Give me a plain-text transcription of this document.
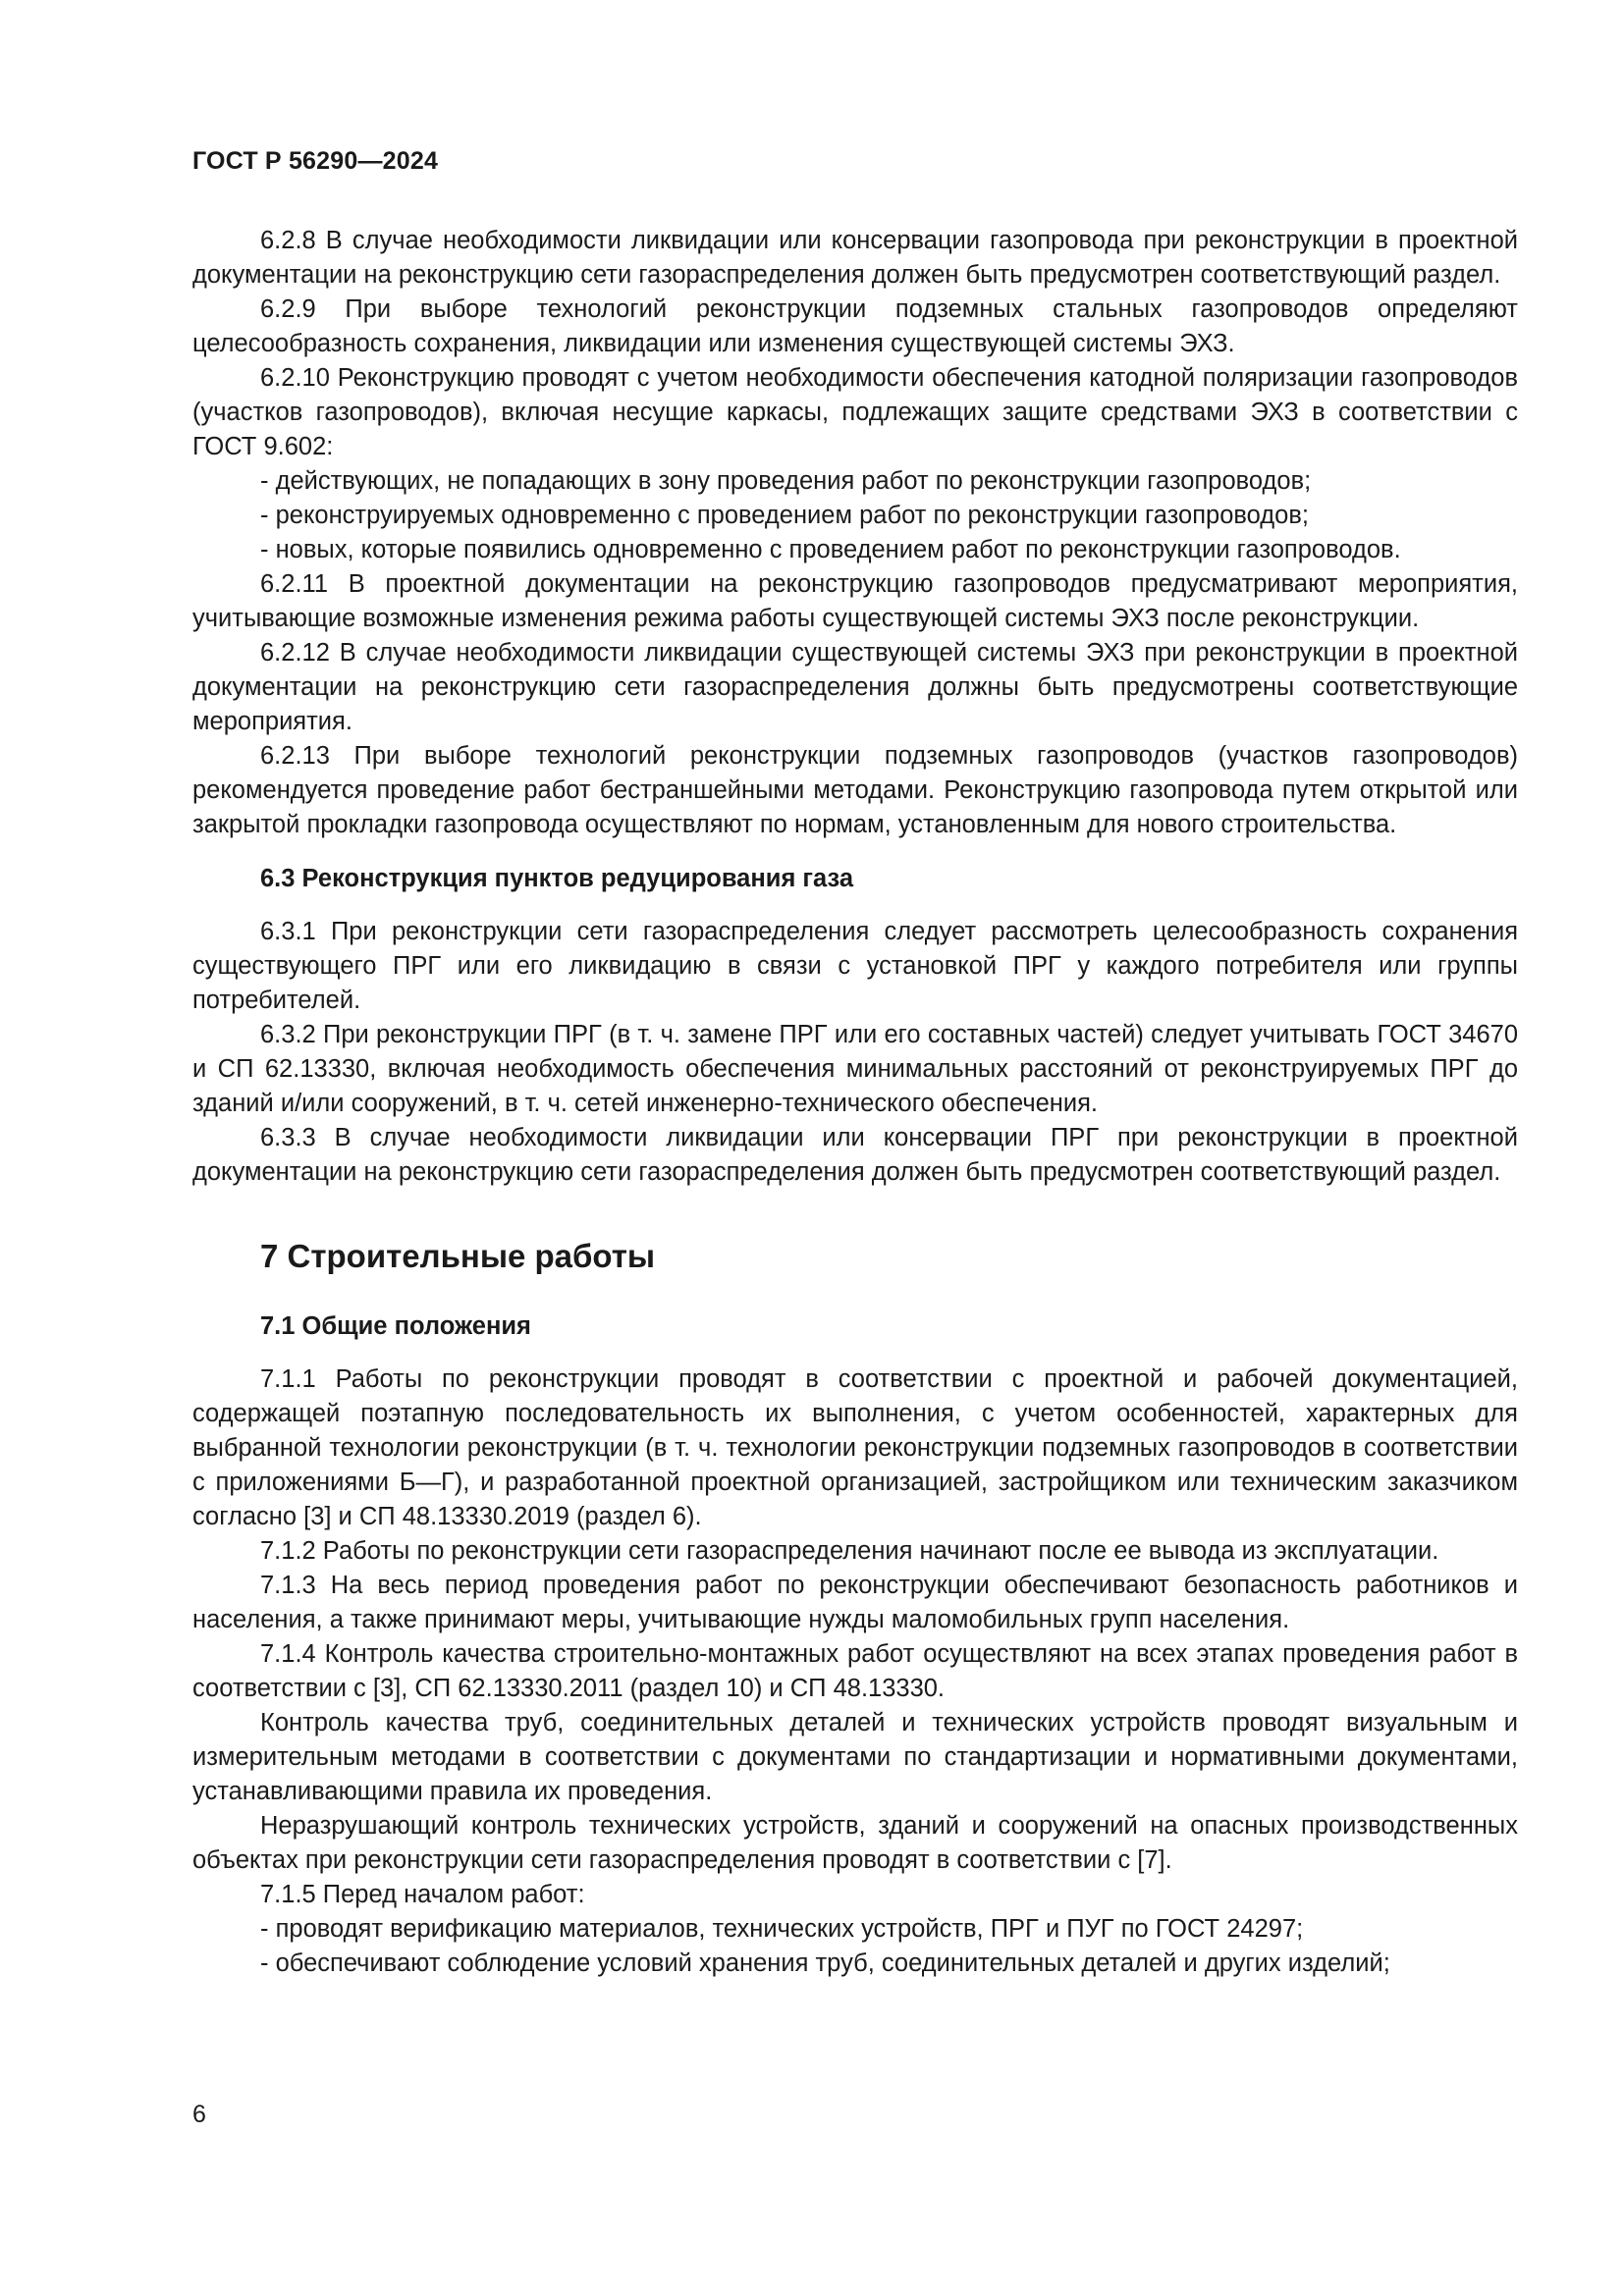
ГОСТ Р 56290—2024

6.2.8 В случае необходимости ликвидации или консервации газопровода при реконструкции в проектной документации на реконструкцию сети газораспределения должен быть предусмотрен соответствующий раздел.

6.2.9 При выборе технологий реконструкции подземных стальных газопроводов определяют целесообразность сохранения, ликвидации или изменения существующей системы ЭХЗ.

6.2.10 Реконструкцию проводят с учетом необходимости обеспечения катодной поляризации газопроводов (участков газопроводов), включая несущие каркасы, подлежащих защите средствами ЭХЗ в соответствии с ГОСТ 9.602:

- действующих, не попадающих в зону проведения работ по реконструкции газопроводов;

- реконструируемых одновременно с проведением работ по реконструкции газопроводов;

- новых, которые появились одновременно с проведением работ по реконструкции газопроводов.

6.2.11 В проектной документации на реконструкцию газопроводов предусматривают мероприятия, учитывающие возможные изменения режима работы существующей системы ЭХЗ после реконструкции.

6.2.12 В случае необходимости ликвидации существующей системы ЭХЗ при реконструкции в проектной документации на реконструкцию сети газораспределения должны быть предусмотрены соответствующие мероприятия.

6.2.13 При выборе технологий реконструкции подземных газопроводов (участков газопроводов) рекомендуется проведение работ бестраншейными методами. Реконструкцию газопровода путем открытой или закрытой прокладки газопровода осуществляют по нормам, установленным для нового строительства.

6.3 Реконструкция пунктов редуцирования газа

6.3.1 При реконструкции сети газораспределения следует рассмотреть целесообразность сохранения существующего ПРГ или его ликвидацию в связи с установкой ПРГ у каждого потребителя или группы потребителей.

6.3.2 При реконструкции ПРГ (в т. ч. замене ПРГ или его составных частей) следует учитывать ГОСТ 34670 и СП 62.13330, включая необходимость обеспечения минимальных расстояний от реконструируемых ПРГ до зданий и/или сооружений, в т. ч. сетей инженерно-технического обеспечения.

6.3.3 В случае необходимости ликвидации или консервации ПРГ при реконструкции в проектной документации на реконструкцию сети газораспределения должен быть предусмотрен соответствующий раздел.

7 Строительные работы

7.1 Общие положения

7.1.1 Работы по реконструкции проводят в соответствии с проектной и рабочей документацией, содержащей поэтапную последовательность их выполнения, с учетом особенностей, характерных для выбранной технологии реконструкции (в т. ч. технологии реконструкции подземных газопроводов в соответствии с приложениями Б—Г), и разработанной проектной организацией, застройщиком или техническим заказчиком согласно [3] и СП 48.13330.2019 (раздел 6).

7.1.2 Работы по реконструкции сети газораспределения начинают после ее вывода из эксплуатации.

7.1.3 На весь период проведения работ по реконструкции обеспечивают безопасность работников и населения, а также принимают меры, учитывающие нужды маломобильных групп населения.

7.1.4 Контроль качества строительно-монтажных работ осуществляют на всех этапах проведения работ в соответствии с [3], СП 62.13330.2011 (раздел 10) и СП 48.13330.

Контроль качества труб, соединительных деталей и технических устройств проводят визуальным и измерительным методами в соответствии с документами по стандартизации и нормативными документами, устанавливающими правила их проведения.

Неразрушающий контроль технических устройств, зданий и сооружений на опасных производственных объектах при реконструкции сети газораспределения проводят в соответствии с [7].

7.1.5 Перед началом работ:

- проводят верификацию материалов, технических устройств, ПРГ и ПУГ по ГОСТ 24297;

- обеспечивают соблюдение условий хранения труб, соединительных деталей и других изделий;

6
